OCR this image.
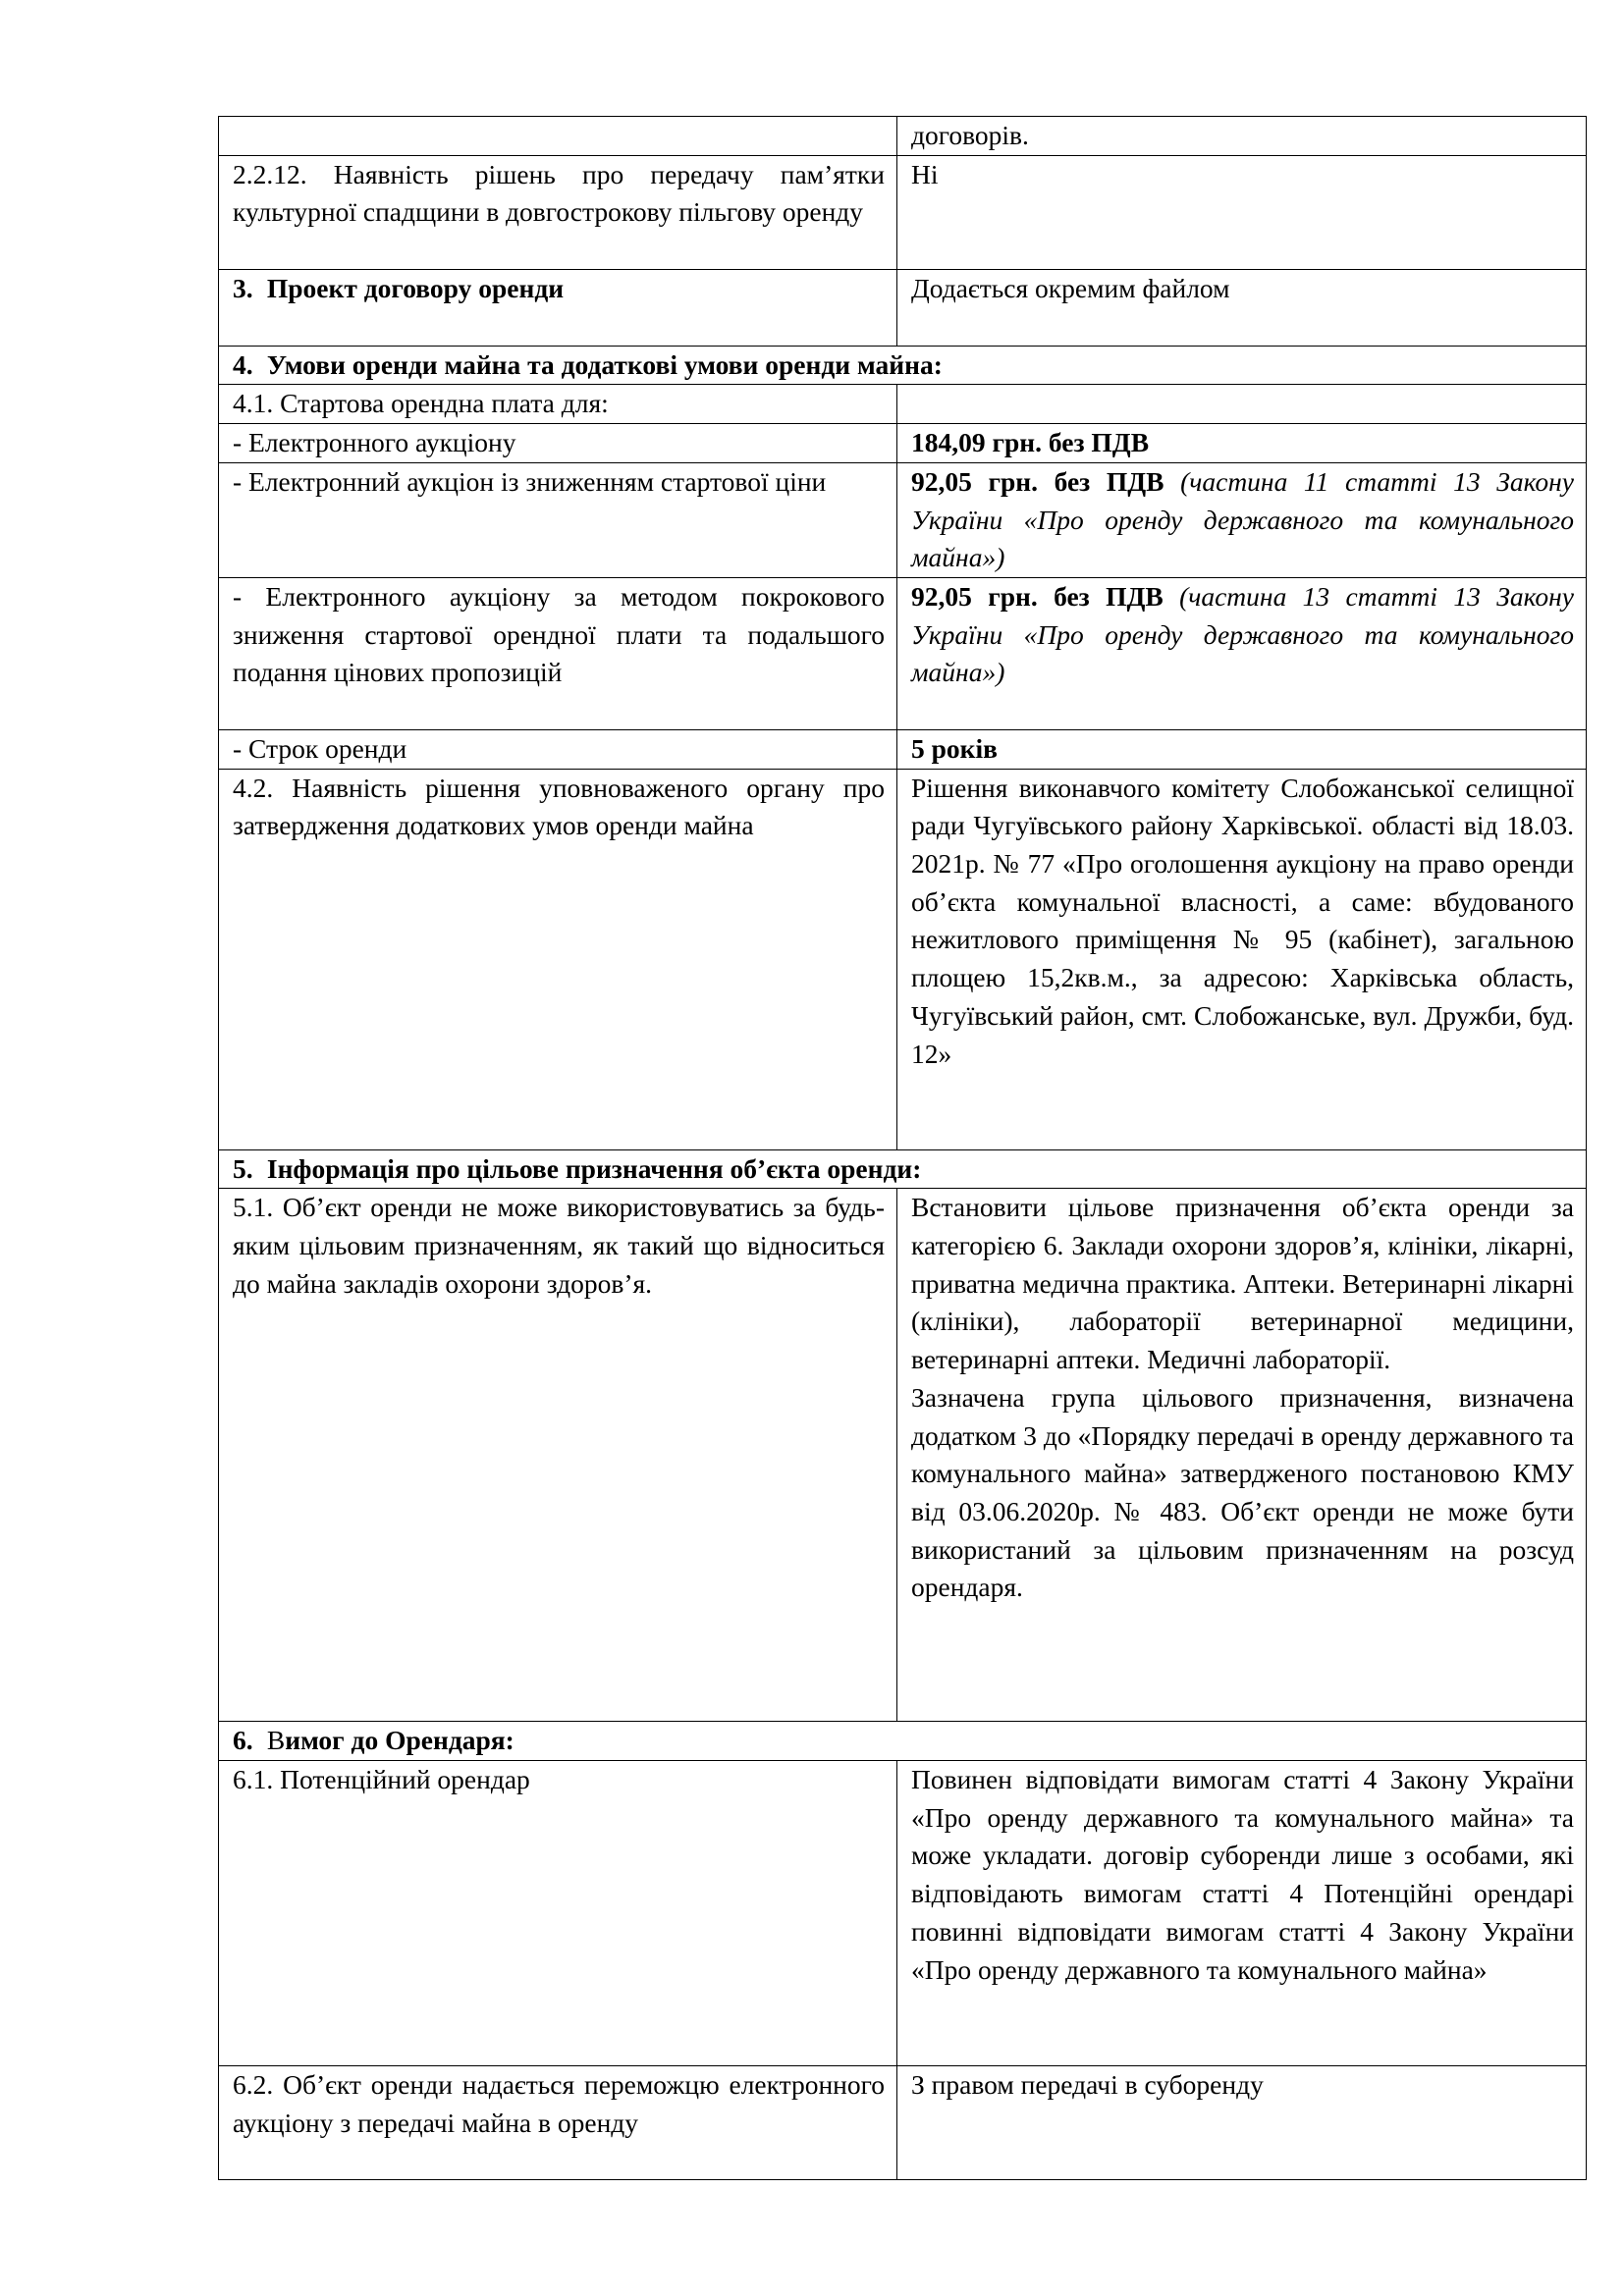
	договорів.
2.2.12. Наявність рішень про передачу пам’ятки культурної спадщини в довгострокову пільгову оренду	Ні
3. Проект договору оренди	Додається окремим файлом
4. Умови оренди майна та додаткові умови оренди майна:	
4.1. Стартова орендна плата для:	
- Електронного аукціону	184,09 грн. без ПДВ
- Електронний аукціон із зниженням стартової ціни	92,05 грн. без ПДВ (частина 11 статті 13 Закону України «Про оренду державного та комунального майна»)
- Електронного аукціону за методом покрокового зниження стартової орендної плати та подальшого подання цінових пропозицій	92,05 грн. без ПДВ (частина 13 статті 13 Закону України «Про оренду державного та комунального майна»)
- Строк оренди	5 років
4.2. Наявність рішення уповноваженого органу про затвердження додаткових умов оренди майна	Рішення виконавчого комітету Слобожанської селищної ради Чугуївського району Харківської. області від 18.03. 2021р. № 77 «Про оголошення аукціону на право оренди об’єкта комунальної власності, а саме: вбудованого нежитлового приміщення № 95 (кабінет), загальною площею 15,2кв.м., за адресою: Харківська область, Чугуївський район, смт. Слобожанське, вул. Дружби, буд. 12»
5. Інформація про цільове призначення об’єкта оренди:	
5.1. Об’єкт оренди не може використовуватись за будь-яким цільовим призначенням, як такий що відноситься до майна закладів охорони здоров’я.	Встановити цільове призначення об’єкта оренди за категорією 6. Заклади охорони здоров’я, клініки, лікарні, приватна медична практика. Аптеки. Ветеринарні лікарні (клініки), лабораторії ветеринарної медицини, ветеринарні аптеки. Медичні лабораторії.
Зазначена група цільового призначення, визначена додатком 3 до «Порядку передачі в оренду державного та комунального майна» затвердженого постановою КМУ від 03.06.2020р. № 483. Об’єкт оренди не може бути використаний за цільовим призначенням на розсуд орендаря.

6. Вимог до Орендаря:	
6.1. Потенційний орендар	Повинен відповідати вимогам статті 4 Закону України «Про оренду державного та комунального майна» та може укладати. договір суборенди лише з особами, які відповідають вимогам статті 4 Потенційні орендарі повинні відповідати вимогам статті 4 Закону України «Про оренду державного та комунального майна»
6.2. Об’єкт оренди надається переможцю електронного аукціону з передачі майна в оренду	З правом передачі в суборенду
